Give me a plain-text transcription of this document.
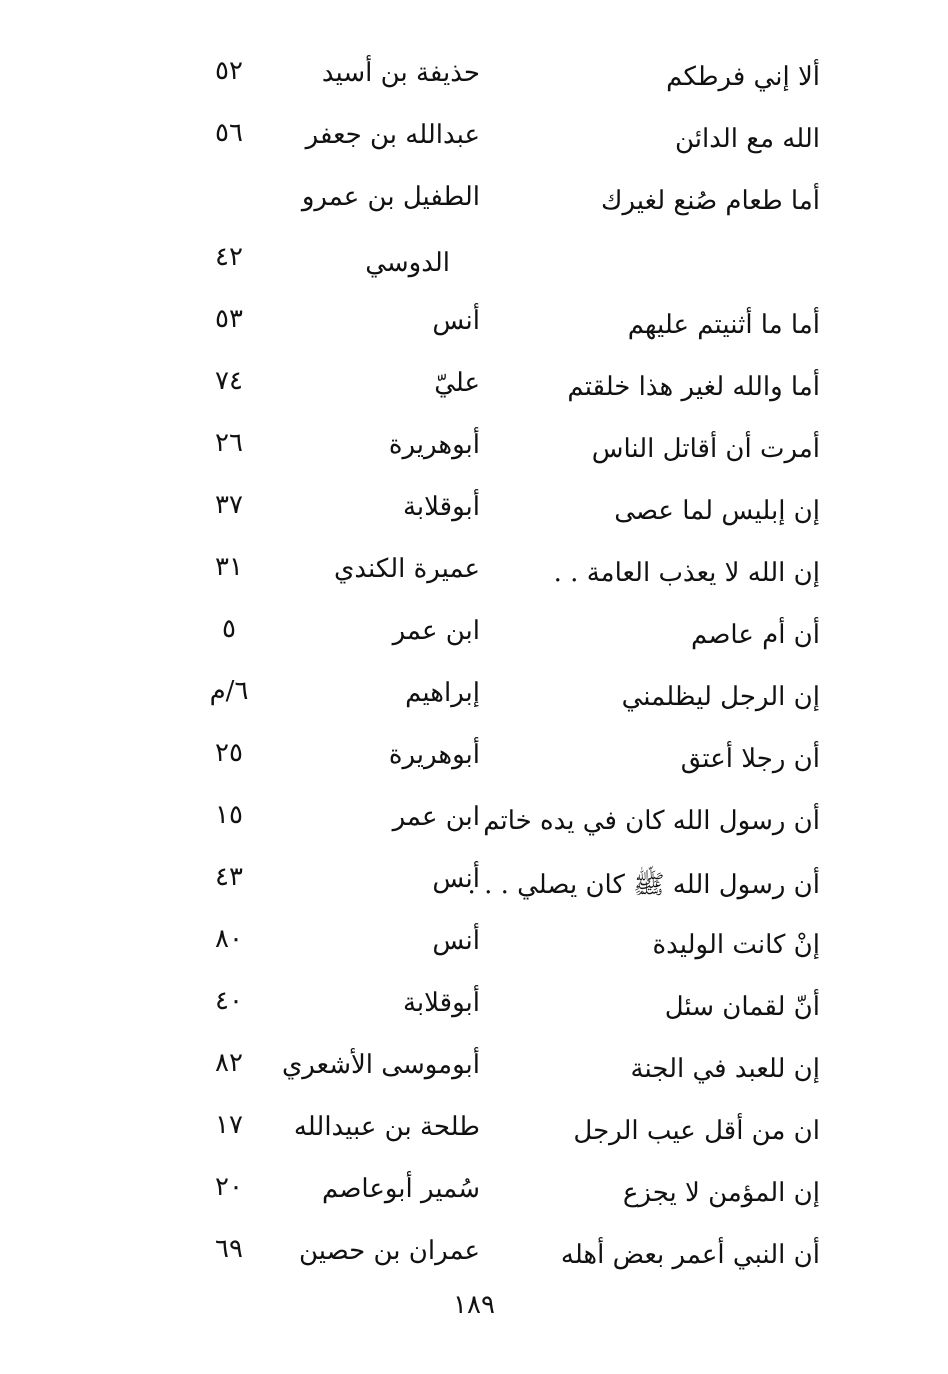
ألا إني فرطكم
حذيفة بن أسيد
٥٢
الله مع الدائن
عبدالله بن جعفر
٥٦
أما طعام صُنع لغيرك
الطفيل بن عمرو
الدوسي
٤٢
أما ما أثنيتم عليهم
أنس
٥٣
أما والله لغير هذا خلقتم
عليّ
٧٤
أمرت أن أقاتل الناس
أبوهريرة
٢٦
إن إبليس لما عصى
أبوقلابة
٣٧
إن الله لا يعذب العامة . .
عميرة الكندي
٣١
أن أم عاصم
ابن عمر
٥
إن الرجل ليظلمني
إبراهيم
٦/م
أن رجلا أعتق
أبوهريرة
٢٥
أن رسول الله كان في يده خاتم
ابن عمر
١٥
أن رسول الله ﷺ كان يصلي . . .
أنس
٤٣
إنْ كانت الوليدة
أنس
٨٠
أنّ لقمان سئل
أبوقلابة
٤٠
إن للعبد في الجنة
أبوموسى الأشعري
٨٢
ان من أقل عيب الرجل
طلحة بن عبيدالله
١٧
إن المؤمن لا يجزع
سُمير أبوعاصم
٢٠
أن النبي أعمر بعض أهله
عمران بن حصين
٦٩
١٨٩
